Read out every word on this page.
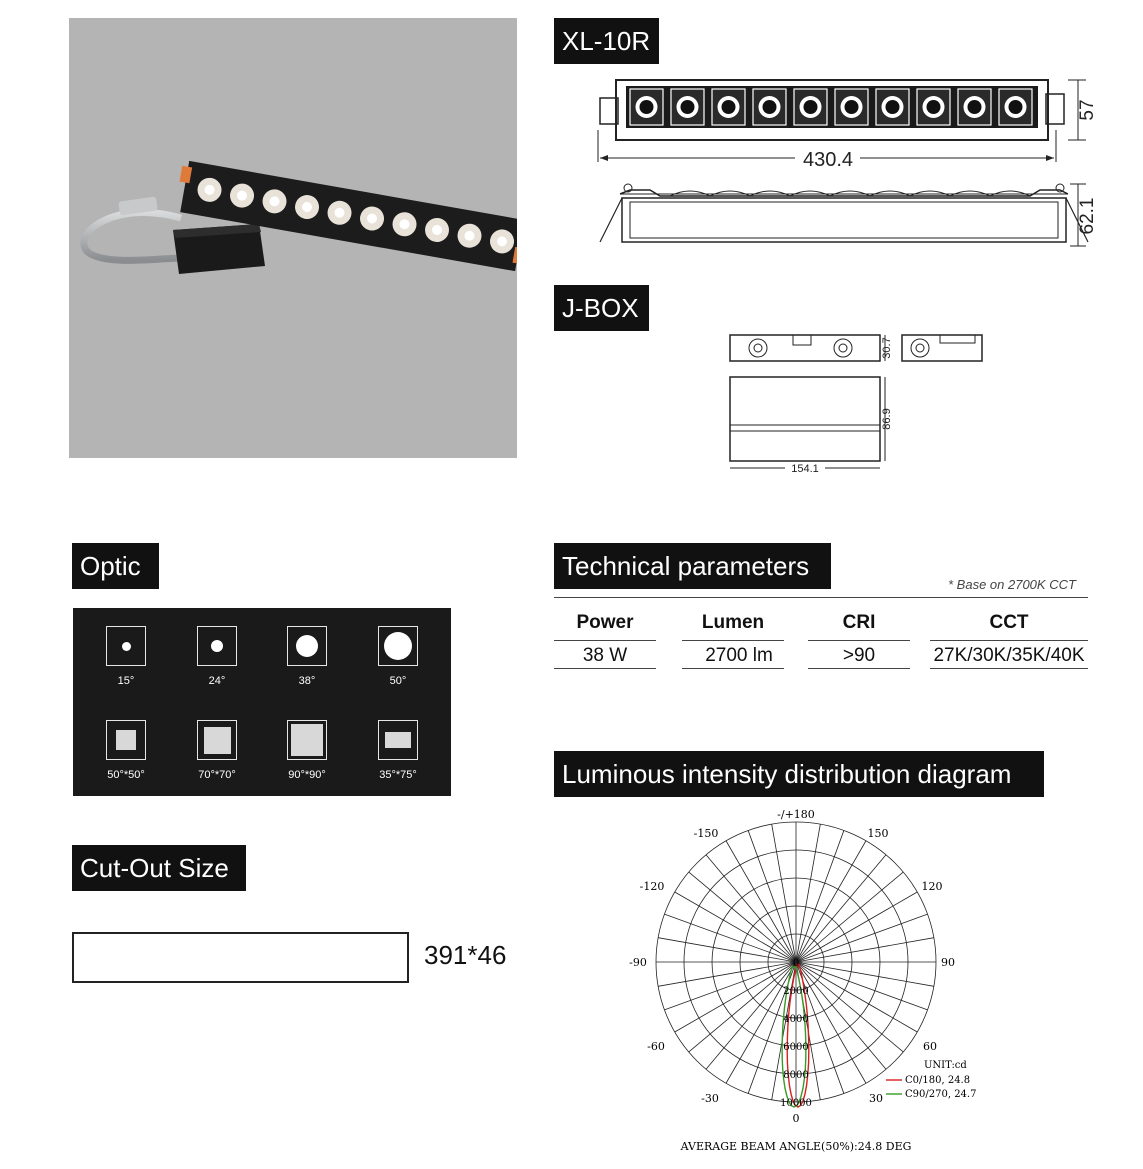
XL-10R
430.4
57
62.1
J-BOX
30.7
86.9
154.1
Optic
15°	24°	38°	50°
50°*50°	70°*70°	90°*90°	35°*75°
Cut-Out Size
391*46
Technical parameters
* Base on 2700K CCT
Power	Lumen	CRI	CCT
38 W	2700 lm	>90	27K/30K/35K/40K
Luminous intensity distribution diagram
-/+180
-150	150
-120	120
-90	90
-60	60
-30	30
0
0
2000
4000
6000
8000
10000
UNIT:cd
C0/180, 24.8
C90/270, 24.7
AVERAGE BEAM ANGLE(50%):24.8 DEG
